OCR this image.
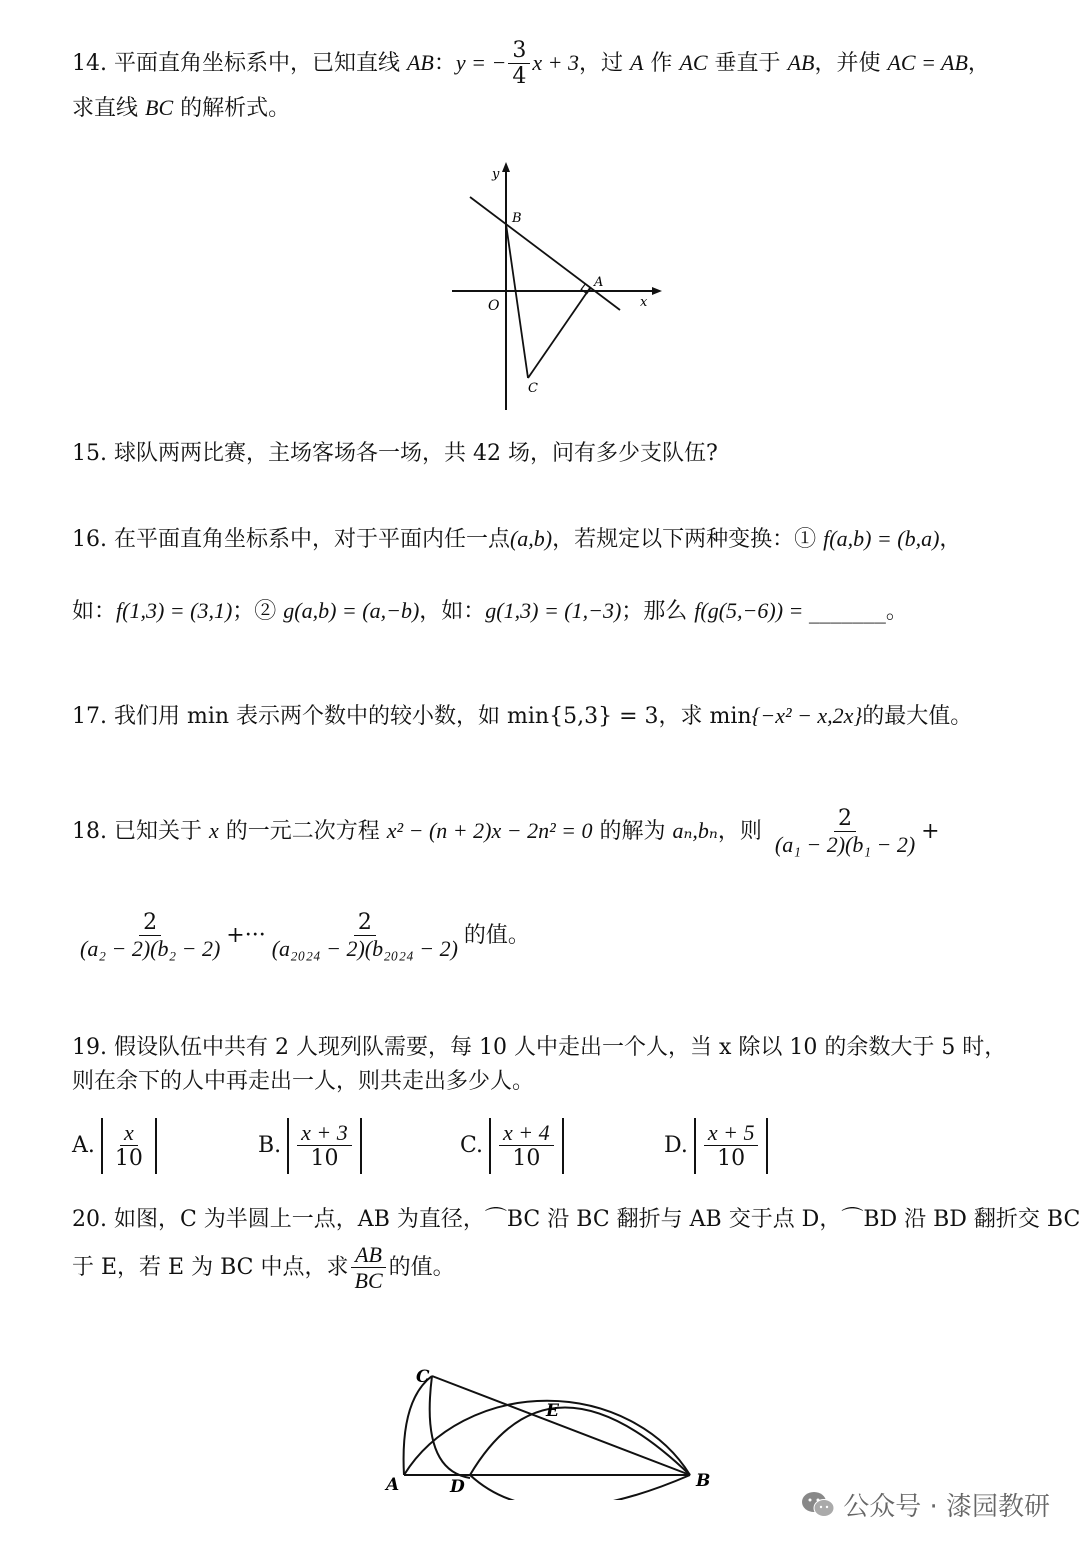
14. 平面直角坐标系中，已知直线 AB：y = − $\frac{3}{4}$ x + 3，过 A 作 AC 垂直于 AB，并使 AC = AB，
求直线 BC 的解析式。
y
x
O
A
B
C
15. 球队两两比赛，主场客场各一场，共 42 场，问有多少支队伍?
16. 在平面直角坐标系中，对于平面内任一点(a,b)，若规定以下两种变换：① f(a,b) = (b,a)，
如：f(1,3) = (3,1)；② g(a,b) = (a,−b)，如：g(1,3) = (1,−3)；那么 f(g(5,−6)) = _______。
17. 我们用 min 表示两个数中的较小数，如 min{5,3} = 3，求 min{−x² − x,2x}的最大值。
18. 已知关于 x 的一元二次方程 x² − (n + 2)x − 2n² = 0 的解为 aₙ,bₙ，则 $\frac{2}{\text{(a₁ − 2)(b₁ − 2)}}$ +
$\frac{2}{\text{(a₂ − 2)(b₂ − 2)}}$ +··· $\frac{2}{\text{(a₂₀₂₄ − 2)(b₂₀₂₄ − 2)}}$ 的值。
19. 假设队伍中共有 2 人现列队需要，每 10 人中走出一个人，当 x 除以 10 的余数大于 5 时，
则在余下的人中再走出一人，则共走出多少人。
A. $\frac{x}{10}$	B. $\frac{x + 3}{10}$	C. $\frac{x + 4}{10}$	D. $\frac{x + 5}{10}$
20. 如图，C 为半圆上一点，AB 为直径，⌒BC 沿 BC 翻折与 AB 交于点 D，⌒BD 沿 BD 翻折交 BC
于 E，若 E 为 BC 中点，求 $\frac{AB}{BC}$ 的值。
A	B
C
D
E
公众号 · 漆园教研
